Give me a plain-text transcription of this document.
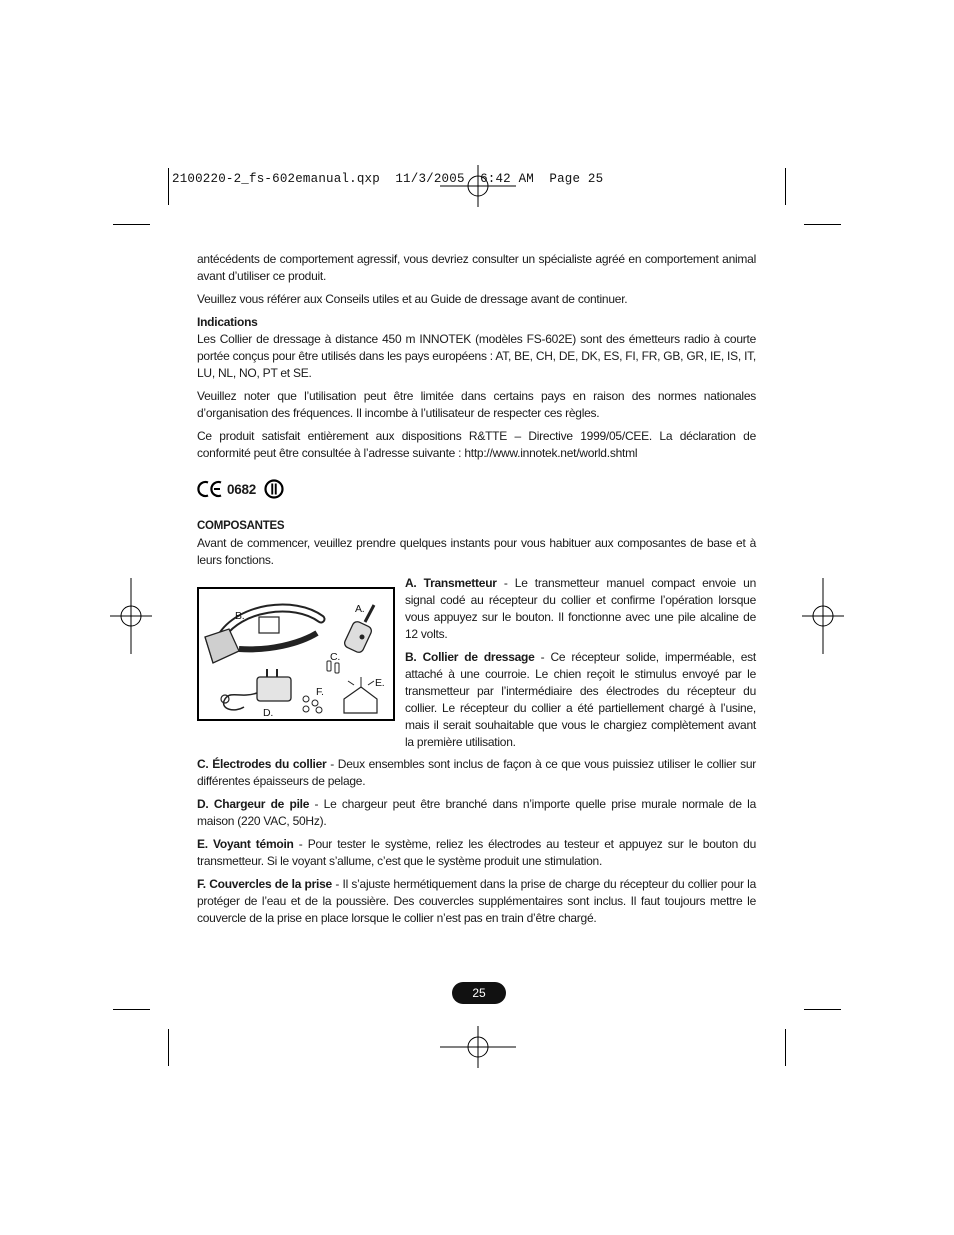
2100220-2_fs-602emanual.qxp 11/3/2005 6:42 AM Page 25

antécédents de comportement agressif, vous devriez consulter un spécialiste agréé en comportement animal avant d’utiliser ce produit.

Veuillez vous référer aux Conseils utiles et au Guide de dressage avant de continuer.

Indications

Les Collier de dressage à distance 450 m INNOTEK (modèles FS-602E) sont des émetteurs radio à courte portée conçus pour être utilisés dans les pays européens : AT, BE, CH, DE, DK, ES, FI, FR, GB, GR, IE, IS, IT, LU, NL, NO, PT et SE.

Veuillez noter que l’utilisation peut être limitée dans certains pays en raison des normes nationales d’organisation des fréquences. Il incombe à l’utilisateur de respecter ces règles.

Ce produit satisfait entièrement aux dispositions R&TTE – Directive 1999/05/CEE. La déclaration de conformité peut être consultée à l’adresse suivante : http://www.innotek.net/world.shtml

0682

COMPOSANTES

Avant de commencer, veuillez prendre quelques instants pour vous habituer aux composantes de base et à leurs fonctions.

A.
B.
C.
D.
E.
F.

A. Transmetteur - Le transmetteur manuel compact envoie un signal codé au récepteur du collier et confirme l’opération lorsque vous appuyez sur le bouton. Il fonctionne avec une pile alcaline de 12 volts.

B. Collier de dressage - Ce récepteur solide, imperméable, est attaché à une courroie. Le chien reçoit le stimulus envoyé par le transmetteur par l’intermédiaire des électrodes du récepteur du collier. Le récepteur du collier a été partiellement chargé à l’usine, mais il serait souhaitable que vous le chargiez complètement avant la première utilisation.

C. Électrodes du collier - Deux ensembles sont inclus de façon à ce que vous puissiez utiliser le collier sur différentes épaisseurs de pelage.

D. Chargeur de pile - Le chargeur peut être branché dans n’importe quelle prise murale normale de la maison (220 VAC, 50Hz).

E. Voyant témoin - Pour tester le système, reliez les électrodes au testeur et appuyez sur le bouton du transmetteur. Si le voyant s’allume, c’est que le système produit une stimulation.

F. Couvercles de la prise - Il s’ajuste hermétiquement dans la prise de charge du récepteur du collier pour la protéger de l’eau et de la poussière. Des couvercles supplémentaires sont inclus. Il faut toujours mettre le couvercle de la prise en place lorsque le collier n’est pas en train d’être chargé.

25
